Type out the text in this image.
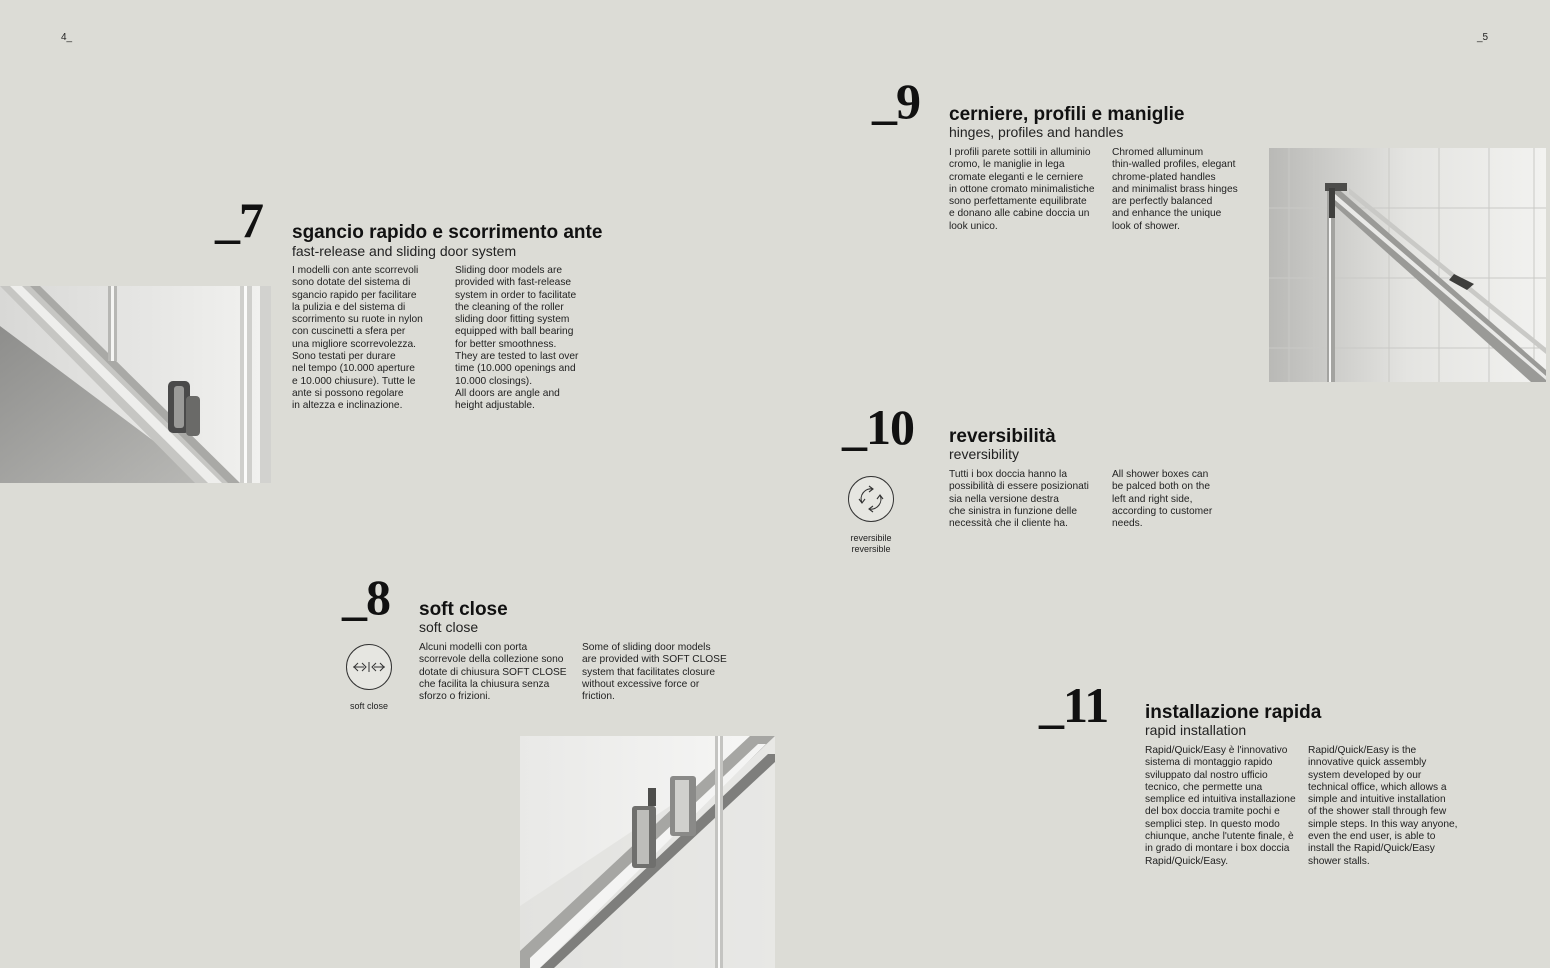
4_	_5
_7 sgancio rapido e scorrimento ante
fast-release and sliding door system
I modelli con ante scorrevoli
sono dotate del sistema di
sgancio rapido per facilitare
la pulizia e del sistema di
scorrimento su ruote in nylon
con cuscinetti a sfera per
una migliore scorrevolezza.
Sono testati per durare
nel tempo (10.000 aperture
e 10.000 chiusure). Tutte le
ante si possono regolare
in altezza e inclinazione.
Sliding door models are
provided with fast-release
system in order to facilitate
the cleaning of the roller
sliding door fitting system
equipped with ball bearing
for better smoothness.
They are tested to last over
time (10.000 openings and
10.000 closings).
All doors are angle and
height adjustable.
_8 soft close
soft close
Alcuni modelli con porta
scorrevole della collezione sono
dotate di chiusura SOFT CLOSE
che facilita la chiusura senza
sforzo o frizioni.
Some of sliding door models
are provided with SOFT CLOSE
system that facilitates closure
without excessive force or
friction.
soft close
_9 cerniere, profili e maniglie
hinges, profiles and handles
I profili parete sottili in alluminio
cromo, le maniglie in lega
cromate eleganti e le cerniere
in ottone cromato minimalistiche
sono perfettamente equilibrate
e donano alle cabine doccia un
look unico.
Chromed alluminum
thin-walled profiles, elegant
chrome-plated handles
and minimalist brass hinges
are perfectly balanced
and enhance the unique
look of shower.
_10 reversibilità
reversibility
Tutti i box doccia hanno la
possibilità di essere posizionati
sia nella versione destra
che sinistra in funzione delle
necessità che il cliente ha.
All shower boxes can
be palced both on the
left and right side,
according to customer
needs.
reversibile
reversible
_11 installazione rapida
rapid installation
Rapid/Quick/Easy è l'innovativo
sistema di montaggio rapido
sviluppato dal nostro ufficio
tecnico, che permette una
semplice ed intuitiva installazione
del box doccia tramite pochi e
semplici step. In questo modo
chiunque, anche l'utente finale, è
in grado di montare i box doccia
Rapid/Quick/Easy.
Rapid/Quick/Easy is the
innovative quick assembly
system developed by our
technical office, which allows a
simple and intuitive installation
of the shower stall through few
simple steps. In this way anyone,
even the end user, is able to
install the Rapid/Quick/Easy
shower stalls.
